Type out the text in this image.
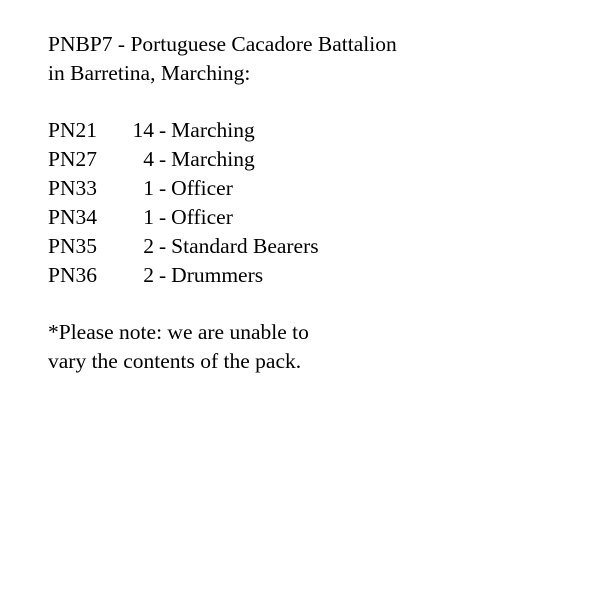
PNBP7 - Portuguese Cacadore Battalion
in Barretina, Marching:
PN21	14 - Marching
PN27	4 - Marching
PN33	1 - Officer
PN34	1 - Officer
PN35	2 - Standard Bearers
PN36	2 - Drummers
*Please note: we are unable to
vary the contents of the pack.
